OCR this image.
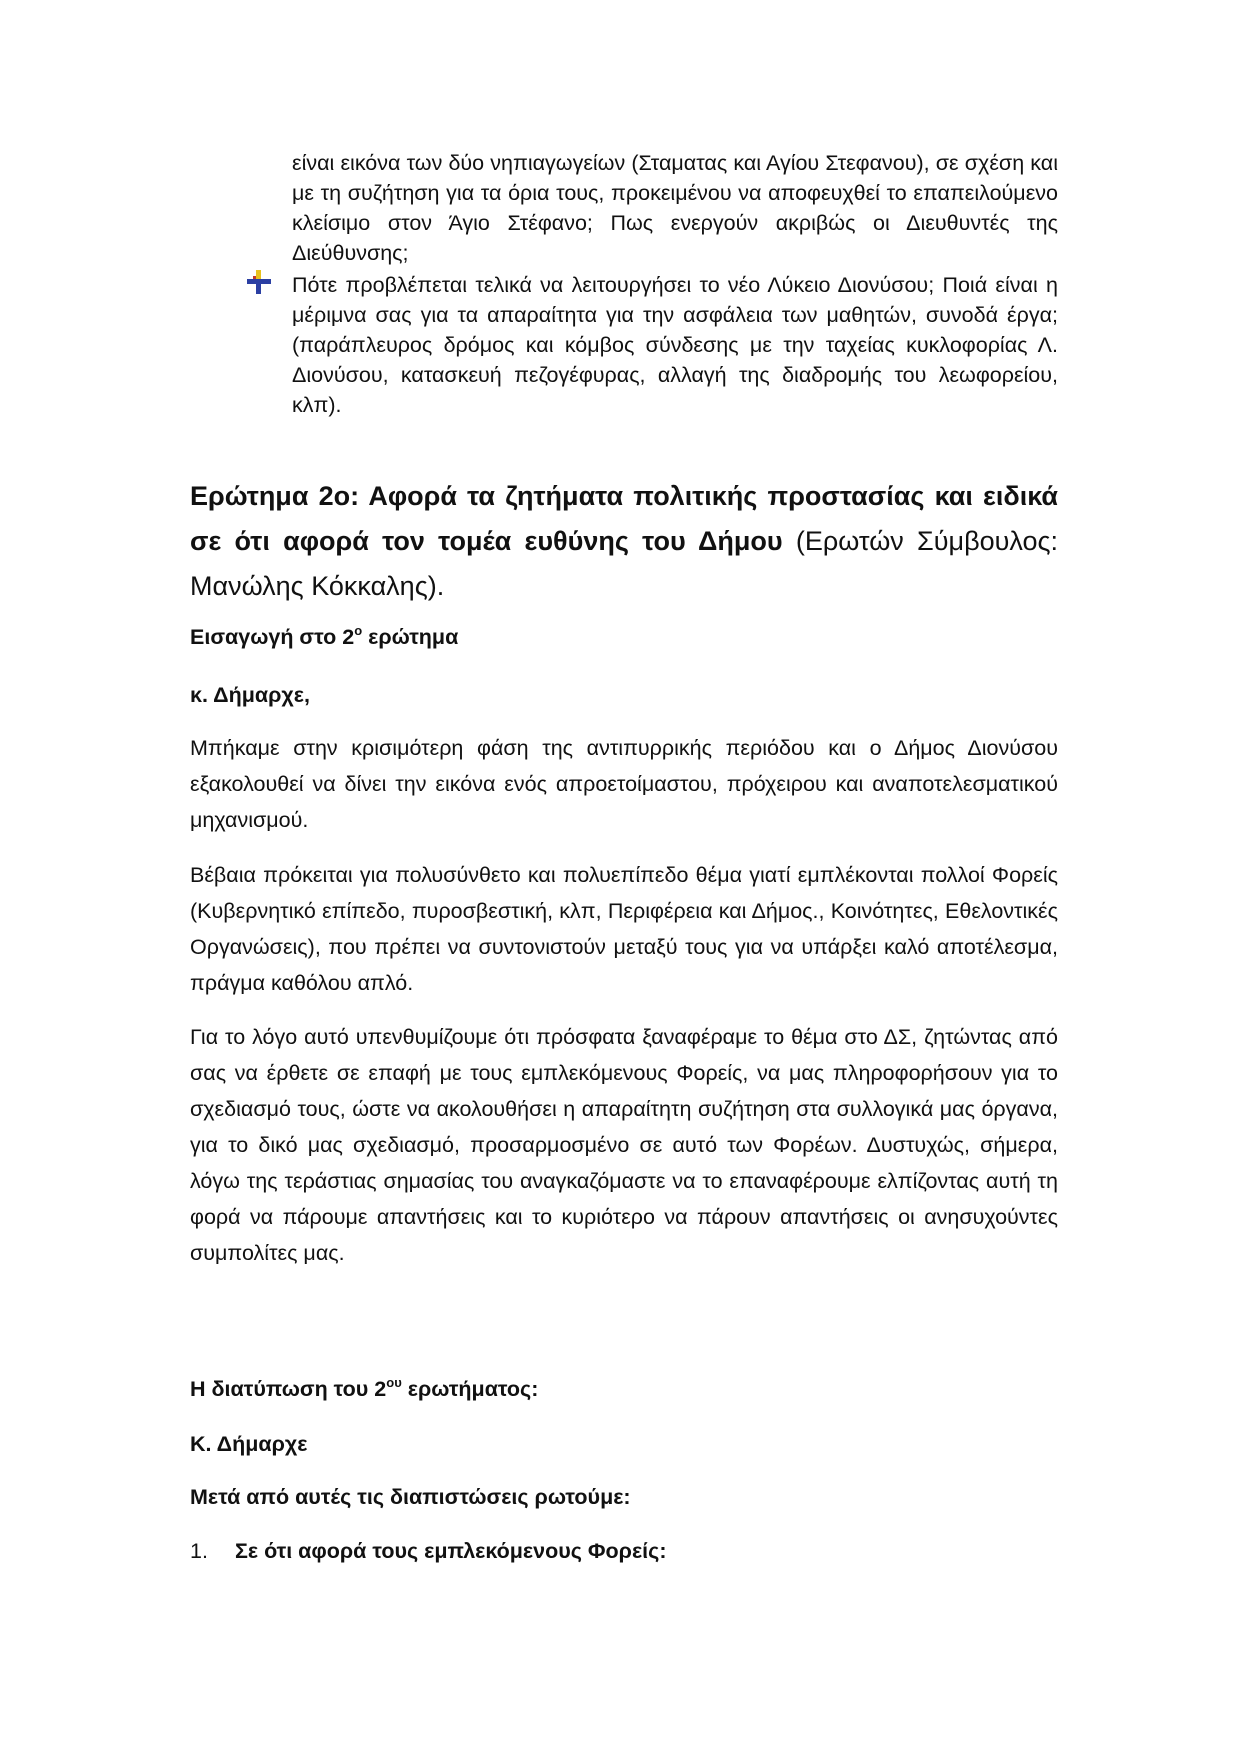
είναι εικόνα των δύο νηπιαγωγείων (Σταματας και Αγίου Στεφανου), σε σχέση και με τη συζήτηση για τα όρια τους, προκειμένου να αποφευχθεί το επαπειλούμενο κλείσιμο στον Άγιο Στέφανο; Πως ενεργούν ακριβώς οι Διευθυντές της Διεύθυνσης;

Πότε προβλέπεται τελικά να λειτουργήσει το νέο Λύκειο Διονύσου; Ποιά είναι η μέριμνα σας για τα απαραίτητα για την ασφάλεια των μαθητών, συνοδά έργα; (παράπλευρος δρόμος και κόμβος σύνδεσης με την ταχείας κυκλοφορίας Λ. Διονύσου, κατασκευή πεζογέφυρας, αλλαγή της διαδρομής του λεωφορείου, κλπ).

Ερώτημα 2ο: Αφορά τα ζητήματα πολιτικής προστασίας και ειδικά σε ότι αφορά τον τομέα ευθύνης του Δήμου (Ερωτών Σύμβουλος: Μανώλης Κόκκαλης).

Εισαγωγή στο $2^o$ ερώτημα

κ. Δήμαρχε,

Μπήκαμε στην κρισιμότερη φάση της αντιπυρρικής περιόδου και ο Δήμος Διονύσου εξακολουθεί να δίνει την εικόνα ενός απροετοίμαστου, πρόχειρου και αναποτελεσματικού μηχανισμού.

Βέβαια πρόκειται για πολυσύνθετο και πολυεπίπεδο θέμα γιατί εμπλέκονται πολλοί Φορείς (Κυβερνητικό επίπεδο, πυροσβεστική, κλπ, Περιφέρεια και Δήμος., Κοινότητες, Εθελοντικές Οργανώσεις), που πρέπει να συντονιστούν μεταξύ τους για να υπάρξει καλό αποτέλεσμα, πράγμα καθόλου απλό.

Για το λόγο αυτό υπενθυμίζουμε ότι πρόσφατα ξαναφέραμε το θέμα στο ΔΣ, ζητώντας από σας να έρθετε σε επαφή με τους εμπλεκόμενους Φορείς, να μας πληροφορήσουν για το σχεδιασμό τους, ώστε να ακολουθήσει η απαραίτητη συζήτηση στα συλλογικά μας όργανα, για το δικό μας σχεδιασμό, προσαρμοσμένο σε αυτό των Φορέων. Δυστυχώς, σήμερα, λόγω της τεράστιας σημασίας του αναγκαζόμαστε να το επαναφέρουμε ελπίζοντας αυτή τη φορά να πάρουμε απαντήσεις και το κυριότερο να πάρουν απαντήσεις οι ανησυχούντες συμπολίτες μας.

Η διατύπωση του $2^{o\upsilon}$ ερωτήματος:

Κ. Δήμαρχε

Μετά από αυτές τις διαπιστώσεις ρωτούμε:

1. Σε ότι αφορά τους εμπλεκόμενους Φορείς:
